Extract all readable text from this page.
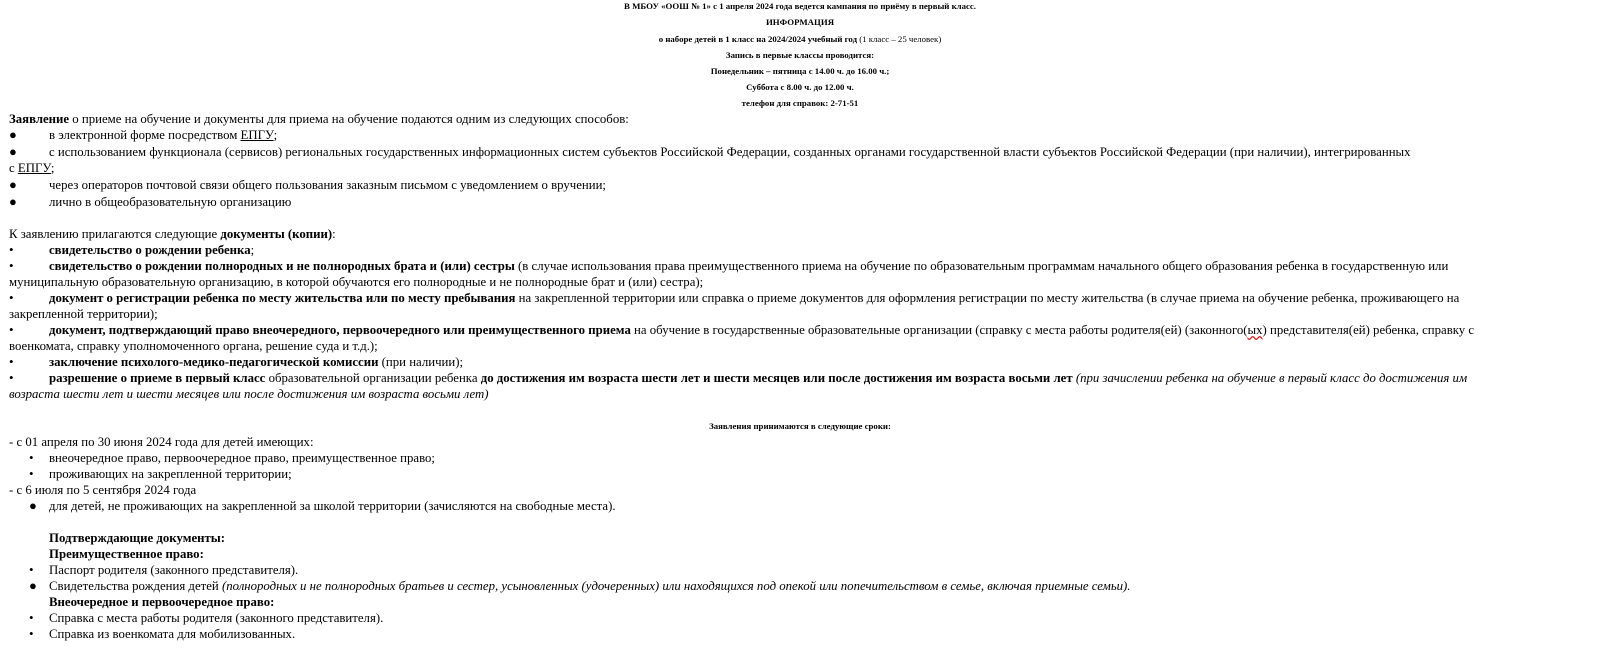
В МБОУ «ООШ № 1» с 1 апреля 2024 года ведется кампания по приёму в первый класс.
ИНФОРМАЦИЯ
о наборе детей в 1 класс на 2024/2024 учебный год (1 класс – 25 человек)
Запись в первые классы проводится:
Понедельник – пятница с 14.00 ч. до 16.00 ч.;
Суббота с 8.00 ч. до 12.00 ч.
телефон для справок: 2-71-51
Заявление о приеме на обучение и документы для приема на обучение подаются одним из следующих способов:
●	в электронной форме посредством ЕПГУ;
●	с использованием функционала (сервисов) региональных государственных информационных систем субъектов Российской Федерации, созданных органами государственной власти субъектов Российской Федерации (при наличии), интегрированных
с ЕПГУ;
●	через операторов почтовой связи общего пользования заказным письмом с уведомлением о вручении;
●	лично в общеобразовательную организацию
К заявлению прилагаются следующие документы (копии):
•	свидетельство о рождении ребенка;
•	свидетельство о рождении полнородных и не полнородных брата и (или) сестры (в случае использования права преимущественного приема на обучение по образовательным программам начального общего образования ребенка в государственную или
муниципальную образовательную организацию, в которой обучаются его полнородные и не полнородные брат и (или) сестра);
•	документ о регистрации ребенка по месту жительства или по месту пребывания на закрепленной территории или справка о приеме документов для оформления регистрации по месту жительства (в случае приема на обучение ребенка, проживающего на
закрепленной территории);
•	документ, подтверждающий право внеочередного, первоочередного или преимущественного приема на обучение в государственные образовательные организации (справку с места работы родителя(ей) (законного(ых) представителя(ей) ребенка, справку с
военкомата, справку уполномоченного органа, решение суда и т.д.);
•	заключение психолого-медико-педагогической комиссии (при наличии);
•	разрешение о приеме в первый класс образовательной организации ребенка до достижения им возраста шести лет и шести месяцев или после достижения им возраста восьми лет (при зачислении ребенка на обучение в первый класс до достижения им
возраста шести лет и шести месяцев или после достижения им возраста восьми лет)
Заявления принимаются в следующие сроки:
- с 01 апреля по 30 июня 2024 года для детей имеющих:
• внеочередное право, первоочередное право, преимущественное право;
• проживающих на закрепленной территории;
- с 6 июля по 5 сентября 2024 года
● для детей, не проживающих на закрепленной за школой территории (зачисляются на свободные места).
Подтверждающие документы:
Преимущественное право:
• Паспорт родителя (законного представителя).
● Свидетельства рождения детей (полнородных и не полнородных братьев и сестер, усыновленных (удочеренных) или находящихся под опекой или попечительством в семье, включая приемные семьи).
Внеочередное и первоочередное право:
• Справка с места работы родителя (законного представителя).
• Справка из военкомата для мобилизованных.
